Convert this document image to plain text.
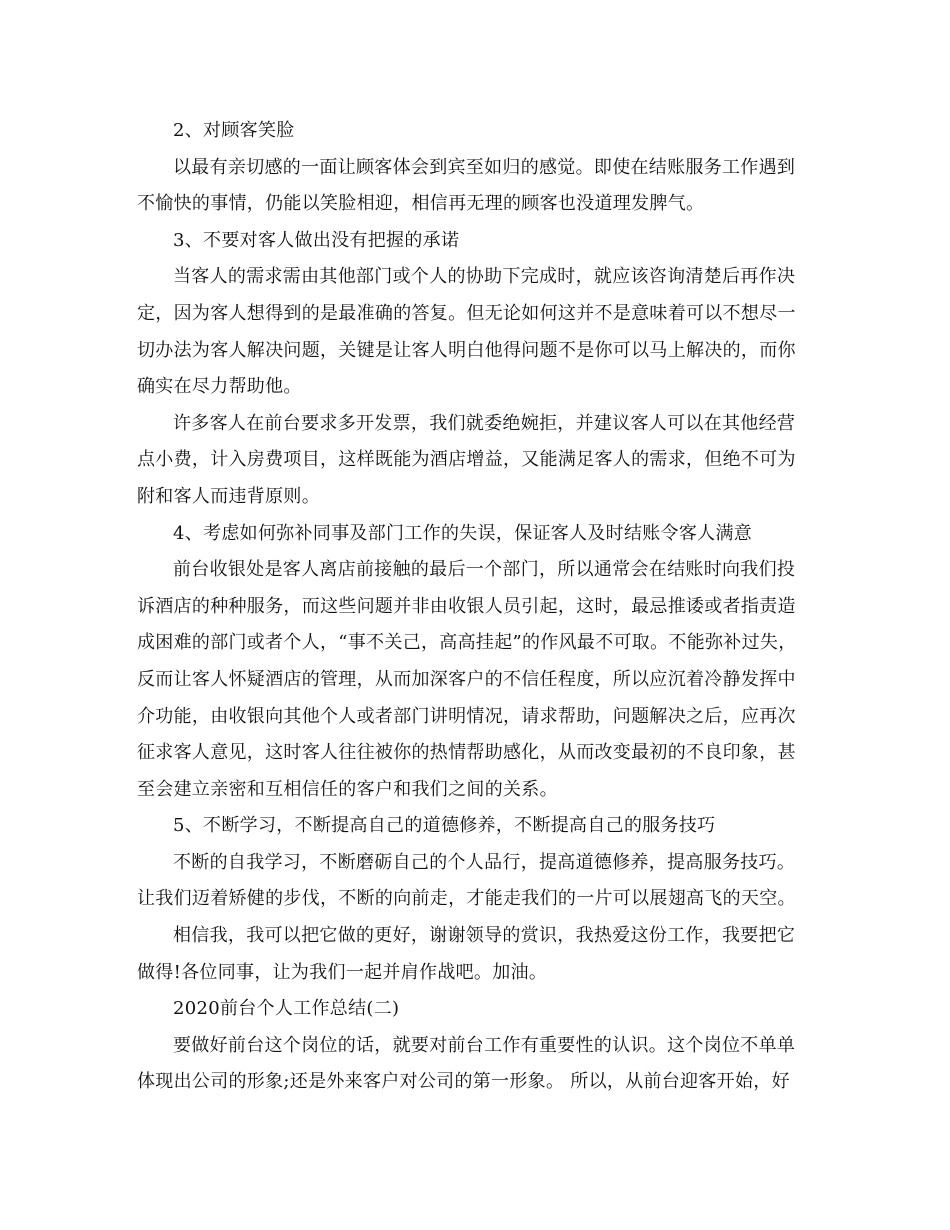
2、对顾客笑脸
以最有亲切感的一面让顾客体会到宾至如归的感觉。即使在结账服务工作遇到
不愉快的事情，仍能以笑脸相迎，相信再无理的顾客也没道理发脾气。
3、不要对客人做出没有把握的承诺
当客人的需求需由其他部门或个人的协助下完成时，就应该咨询清楚后再作决
定，因为客人想得到的是最准确的答复。但无论如何这并不是意味着可以不想尽一
切办法为客人解决问题，关键是让客人明白他得问题不是你可以马上解决的，而你
确实在尽力帮助他。
许多客人在前台要求多开发票，我们就委绝婉拒，并建议客人可以在其他经营
点小费，计入房费项目，这样既能为酒店增益，又能满足客人的需求，但绝不可为
附和客人而违背原则。
4、考虑如何弥补同事及部门工作的失误，保证客人及时结账令客人满意
前台收银处是客人离店前接触的最后一个部门，所以通常会在结账时向我们投
诉酒店的种种服务，而这些问题并非由收银人员引起，这时，最忌推诿或者指责造
成困难的部门或者个人，“事不关己，高高挂起”的作风最不可取。不能弥补过失，
反而让客人怀疑酒店的管理，从而加深客户的不信任程度，所以应沉着冷静发挥中
介功能，由收银向其他个人或者部门讲明情况，请求帮助，问题解决之后，应再次
征求客人意见，这时客人往往被你的热情帮助感化，从而改变最初的不良印象，甚
至会建立亲密和互相信任的客户和我们之间的关系。
5、不断学习，不断提高自己的道德修养，不断提高自己的服务技巧
不断的自我学习，不断磨砺自己的个人品行，提高道德修养，提高服务技巧。
让我们迈着矫健的步伐，不断的向前走，才能走我们的一片可以展翅高飞的天空。
相信我，我可以把它做的更好，谢谢领导的赏识，我热爱这份工作，我要把它
做得!各位同事，让为我们一起并肩作战吧。加油。
2020前台个人工作总结(二)
要做好前台这个岗位的话，就要对前台工作有重要性的认识。这个岗位不单单
体现出公司的形象;还是外来客户对公司的第一形象。 所以，从前台迎客开始，好
